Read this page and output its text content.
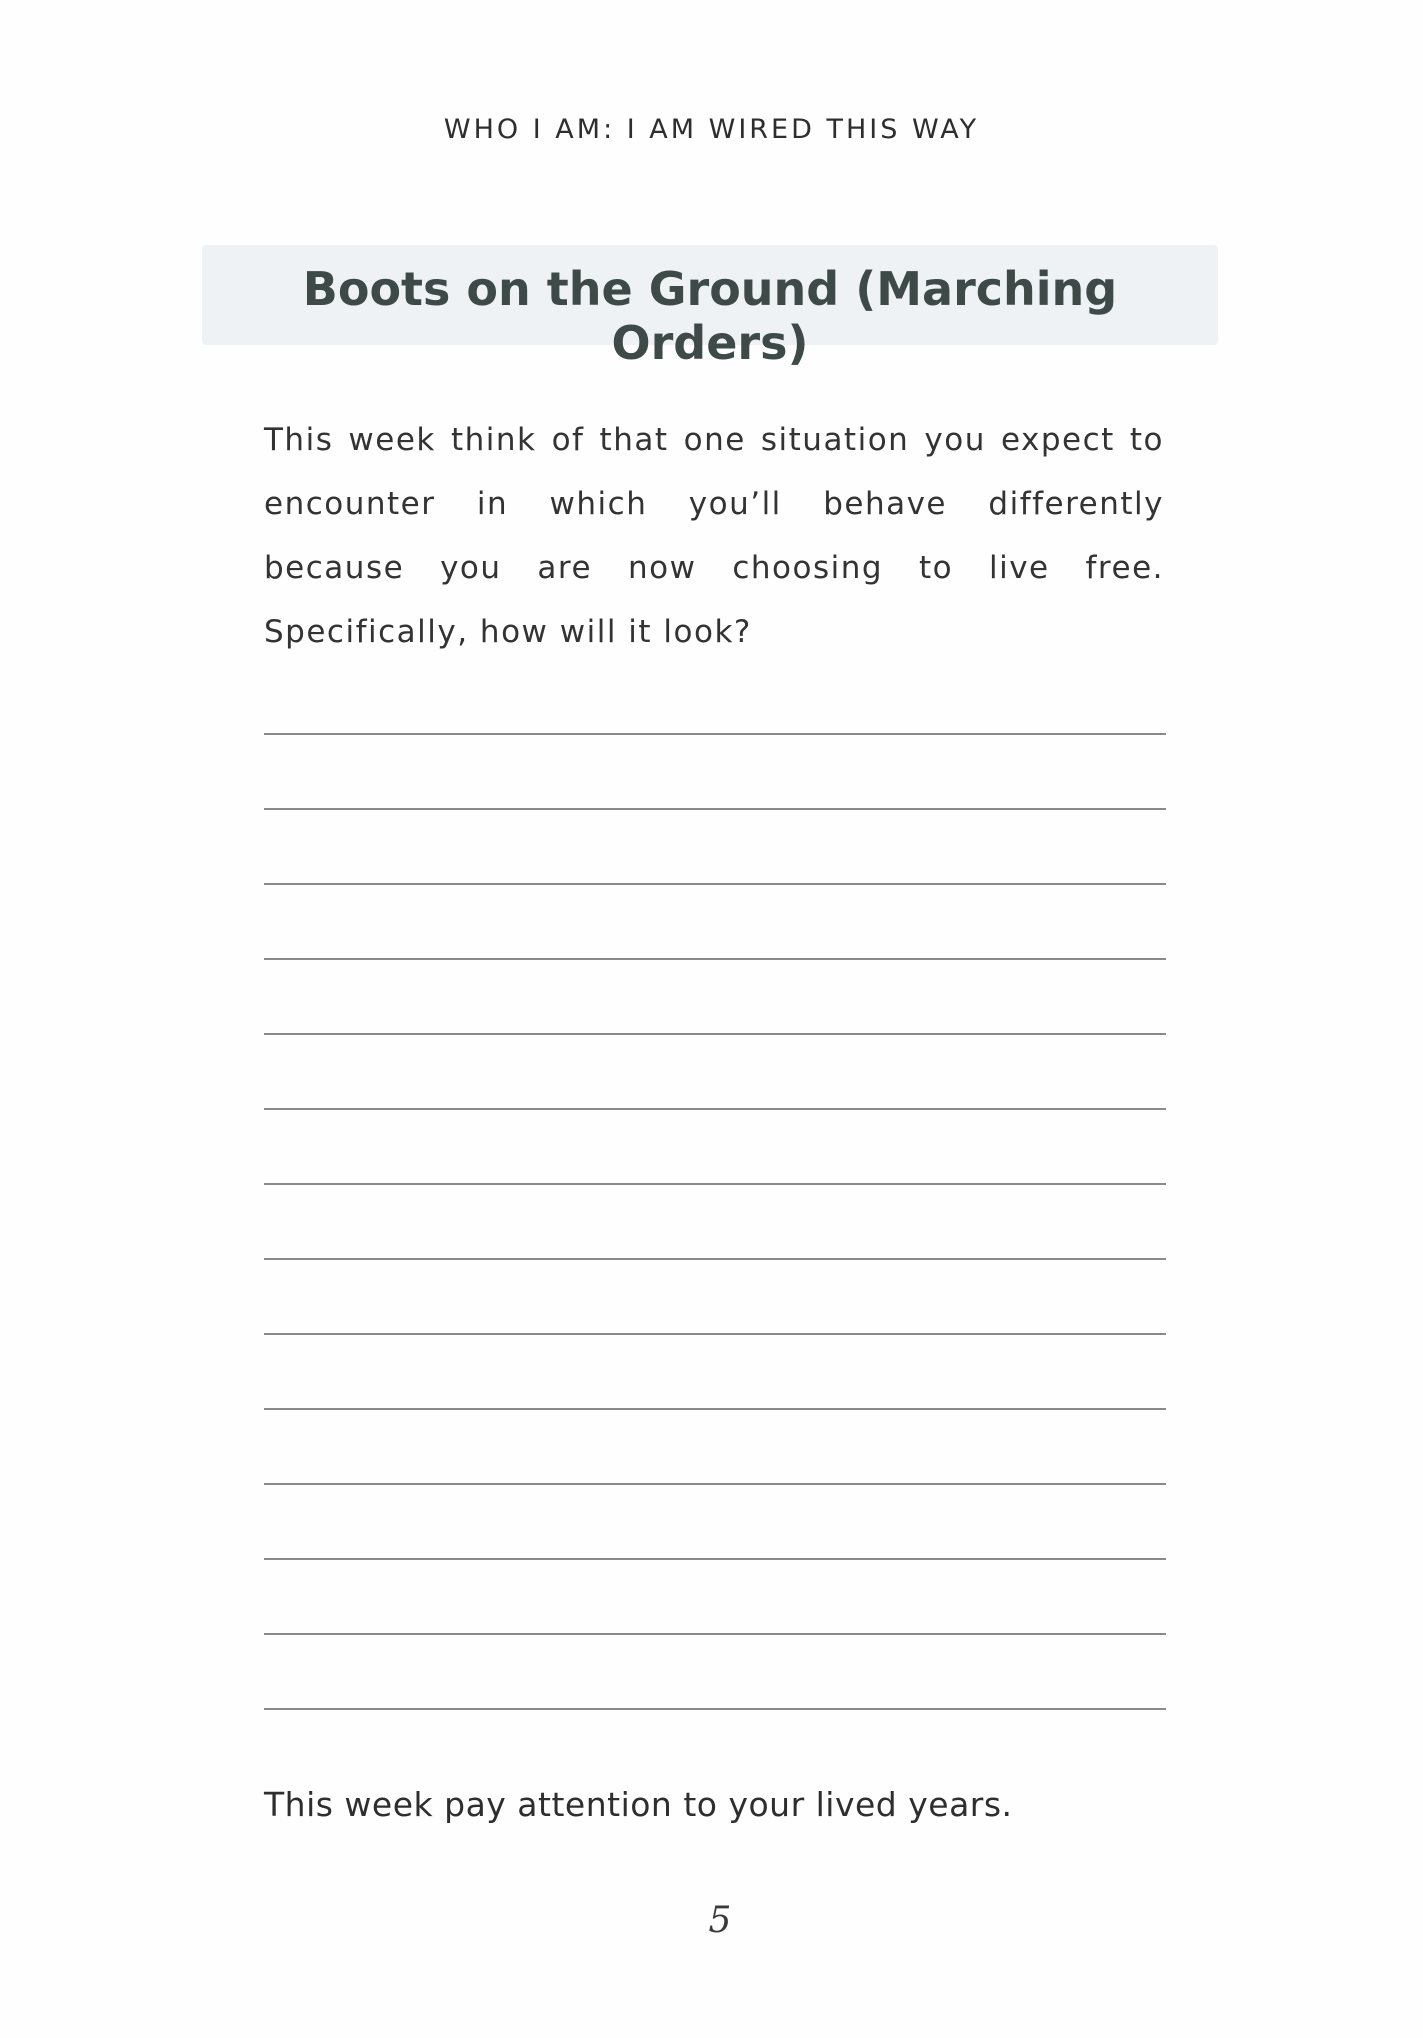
WHO I AM: I AM WIRED THIS WAY
Boots on the Ground (Marching Orders)
This week think of that one situation you expect to encounter in which you’ll behave differently because you are now choosing to live free. Specifically, how will it look?
This week pay attention to your lived years.
5
